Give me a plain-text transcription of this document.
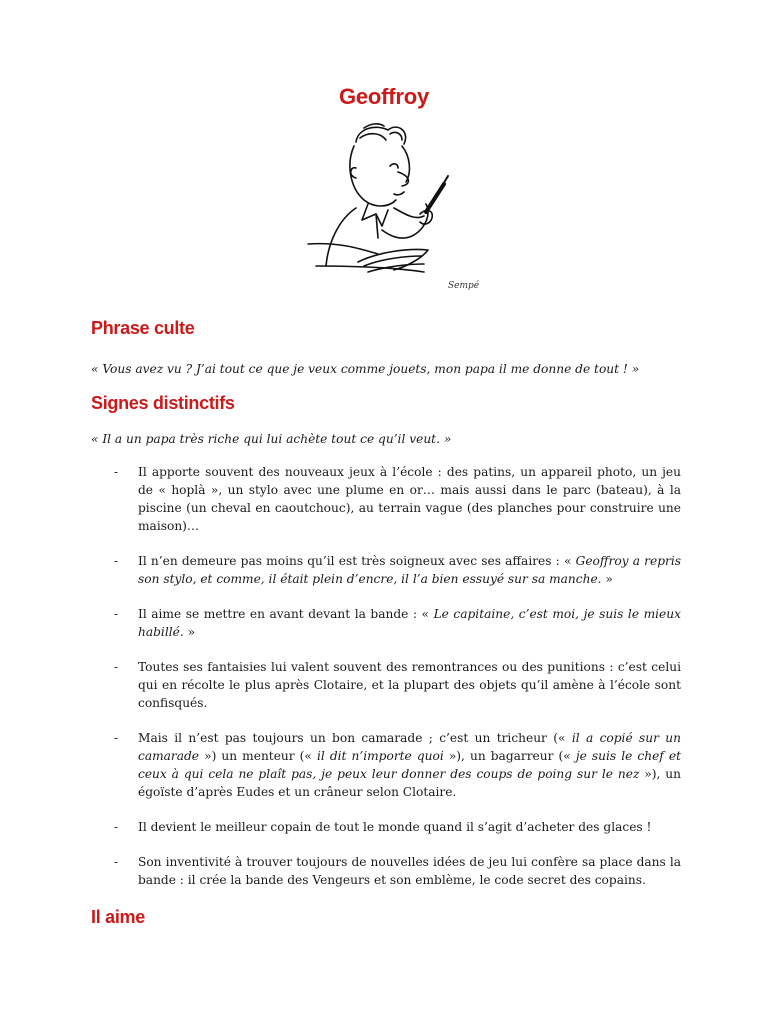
Geoffroy
Sempé
Phrase culte
« Vous avez vu ? J’ai tout ce que je veux comme jouets, mon papa il me donne de tout ! »
Signes distinctifs
« Il a un papa très riche qui lui achète tout ce qu’il veut. »
- Il apporte souvent des nouveaux jeux à l’école : des patins, un appareil photo, un jeu de « hoplà », un stylo avec une plume en or… mais aussi dans le parc (bateau), à la piscine (un cheval en caoutchouc), au terrain vague (des planches pour construire une maison)…
- Il n’en demeure pas moins qu’il est très soigneux avec ses affaires : « Geoffroy a repris son stylo, et comme, il était plein d’encre, il l’a bien essuyé sur sa manche. »
- Il aime se mettre en avant devant la bande : « Le capitaine, c’est moi, je suis le mieux habillé. »
- Toutes ses fantaisies lui valent souvent des remontrances ou des punitions : c’est celui qui en récolte le plus après Clotaire, et la plupart des objets qu’il amène à l’école sont confisqués.
- Mais il n’est pas toujours un bon camarade ; c’est un tricheur (« il a copié sur un camarade ») un menteur (« il dit n’importe quoi »), un bagarreur (« je suis le chef et ceux à qui cela ne plaît pas, je peux leur donner des coups de poing sur le nez »), un égoïste d’après Eudes et un crâneur selon Clotaire.
- Il devient le meilleur copain de tout le monde quand il s’agit d’acheter des glaces !
- Son inventivité à trouver toujours de nouvelles idées de jeu lui confère sa place dans la bande : il crée la bande des Vengeurs et son emblème, le code secret des copains.
Il aime
